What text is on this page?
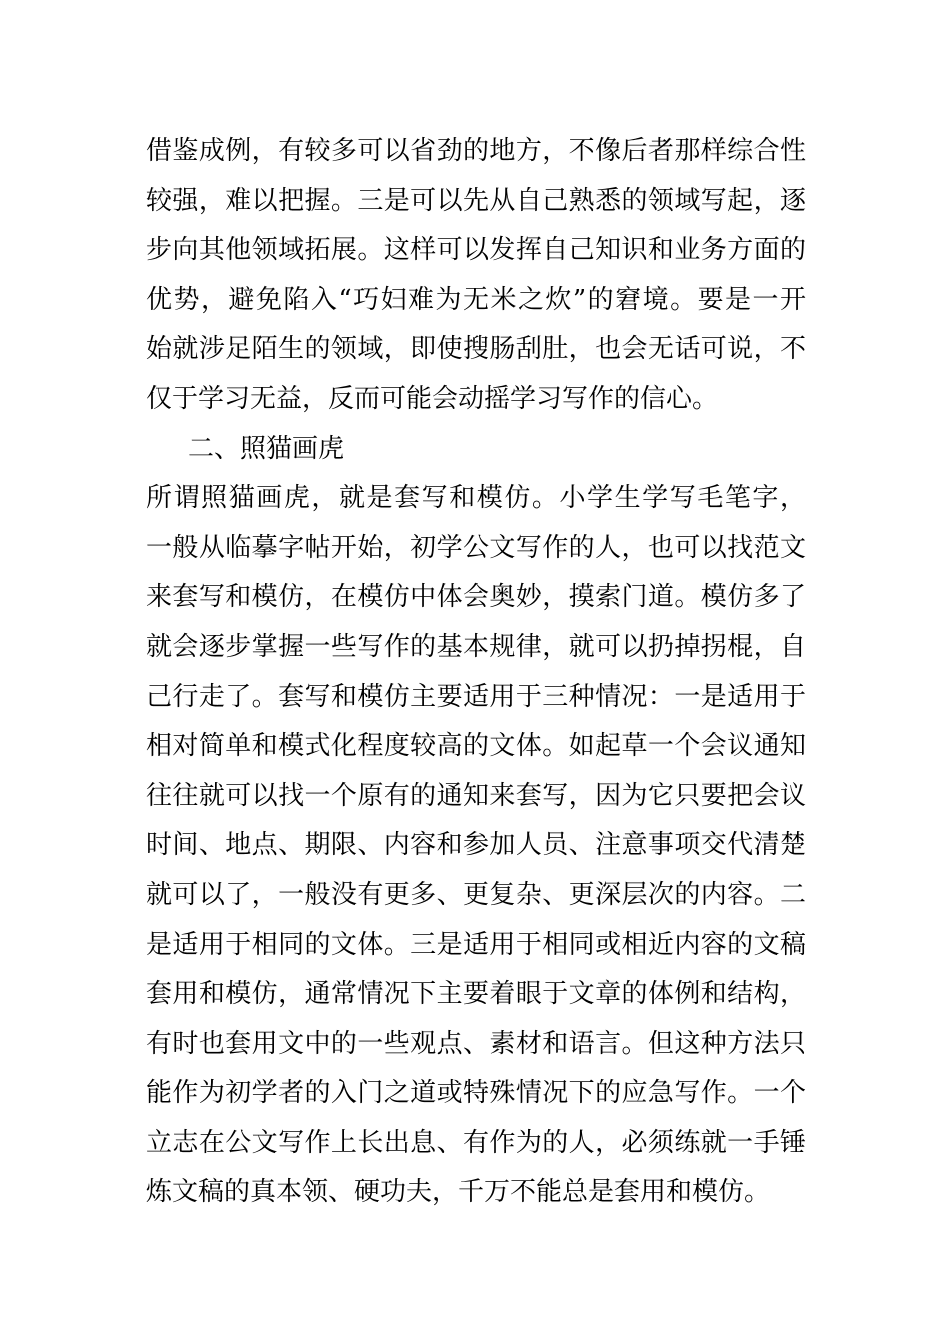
借鉴成例，有较多可以省劲的地方，不像后者那样综合性
较强，难以把握。三是可以先从自己熟悉的领域写起，逐
步向其他领域拓展。这样可以发挥自己知识和业务方面的
优势，避免陷入“巧妇难为无米之炊”的窘境。要是一开
始就涉足陌生的领域，即使搜肠刮肚，也会无话可说，不
仅于学习无益，反而可能会动摇学习写作的信心。
二、照猫画虎
所谓照猫画虎，就是套写和模仿。小学生学写毛笔字，
一般从临摹字帖开始，初学公文写作的人，也可以找范文
来套写和模仿，在模仿中体会奥妙，摸索门道。模仿多了
就会逐步掌握一些写作的基本规律，就可以扔掉拐棍，自
己行走了。套写和模仿主要适用于三种情况：一是适用于
相对简单和模式化程度较高的文体。如起草一个会议通知
往往就可以找一个原有的通知来套写，因为它只要把会议
时间、地点、期限、内容和参加人员、注意事项交代清楚
就可以了，一般没有更多、更复杂、更深层次的内容。二
是适用于相同的文体。三是适用于相同或相近内容的文稿
套用和模仿，通常情况下主要着眼于文章的体例和结构，
有时也套用文中的一些观点、素材和语言。但这种方法只
能作为初学者的入门之道或特殊情况下的应急写作。一个
立志在公文写作上长出息、有作为的人，必须练就一手锤
炼文稿的真本领、硬功夫，千万不能总是套用和模仿。
